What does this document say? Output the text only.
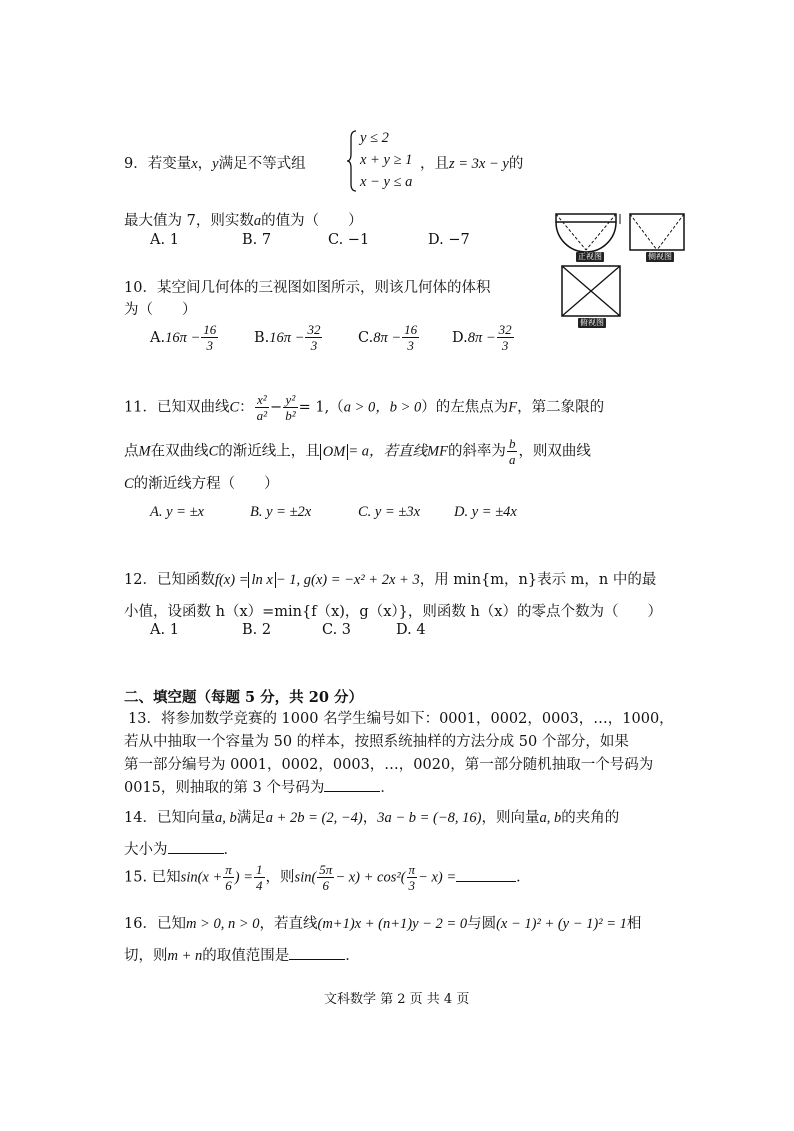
9．若变量x，y满足不等式组
y ≤ 2
x + y ≥ 1
x − y ≤ a
，且z = 3x − y的
最大值为 7，则实数a的值为（　　）
A. 1	B. 7	C. −1	D. −7
正视图	侧视图
俯视图
10．某空间几何体的三视图如图所示，则该几何体的体积
为（　　）
$A.16\pi - \frac{16}{3} B.16\pi - \frac{32}{3} C.8\pi - \frac{16}{3} D.8\pi - \frac{32}{3}$
11．已知双曲线C： $\frac{\text{x²}}{\text{a²}} - \frac{\text{y²}}{\text{b²}} = 1,(a > 0$，b > 0）的左焦点为F，第二象限的
点M在双曲线C的渐近线上，且 OM = a，若直线MF的斜率为 $\frac{b}{a}$ ，则双曲线
C的渐近线方程（　　）
A. y = ±x	B. y = ±2x	C. y = ±3x D. y = ±4x
12．已知函数f(x) = ln x − 1, g(x) = −x² + 2x + 3，用 min{m，n}表示 m，n 中的最
小值，设函数 h（x）=min{f（x)，g（x）}，则函数 h（x）的零点个数为（　　）
A. 1	B. 2	C. 3	D. 4
二、填空题（每题 5 分，共 20 分）
13．将参加数学竞赛的 1000 名学生编号如下：0001，0002，0003，…，1000，
若从中抽取一个容量为 50 的样本，按照系统抽样的方法分成 50 个部分，如果
第一部分编号为 0001，0002，0003，…，0020，第一部分随机抽取一个号码为
0015，则抽取的第 3 个号码为	．
14．已知向量a, b满足a + 2b = (2, −4)，3a − b = (−8, 16)，则向量a, b的夹角的
大小为	．
15. 已知$\sin(x + \frac{\pi}{6}$ ) = $\frac{1}{4}$ ，则$\sin( \frac{5\pi}{6} - x) + \cos^2( \frac{\pi}{3} - x)$ =	．
16．已知m > 0, n > 0，若直线(m+1)x + (n+1)y − 2 = 0与圆(x − 1)² + (y − 1)² = 1相
切，则m + n的取值范围是	．
文科数学 第 2 页 共 4 页
